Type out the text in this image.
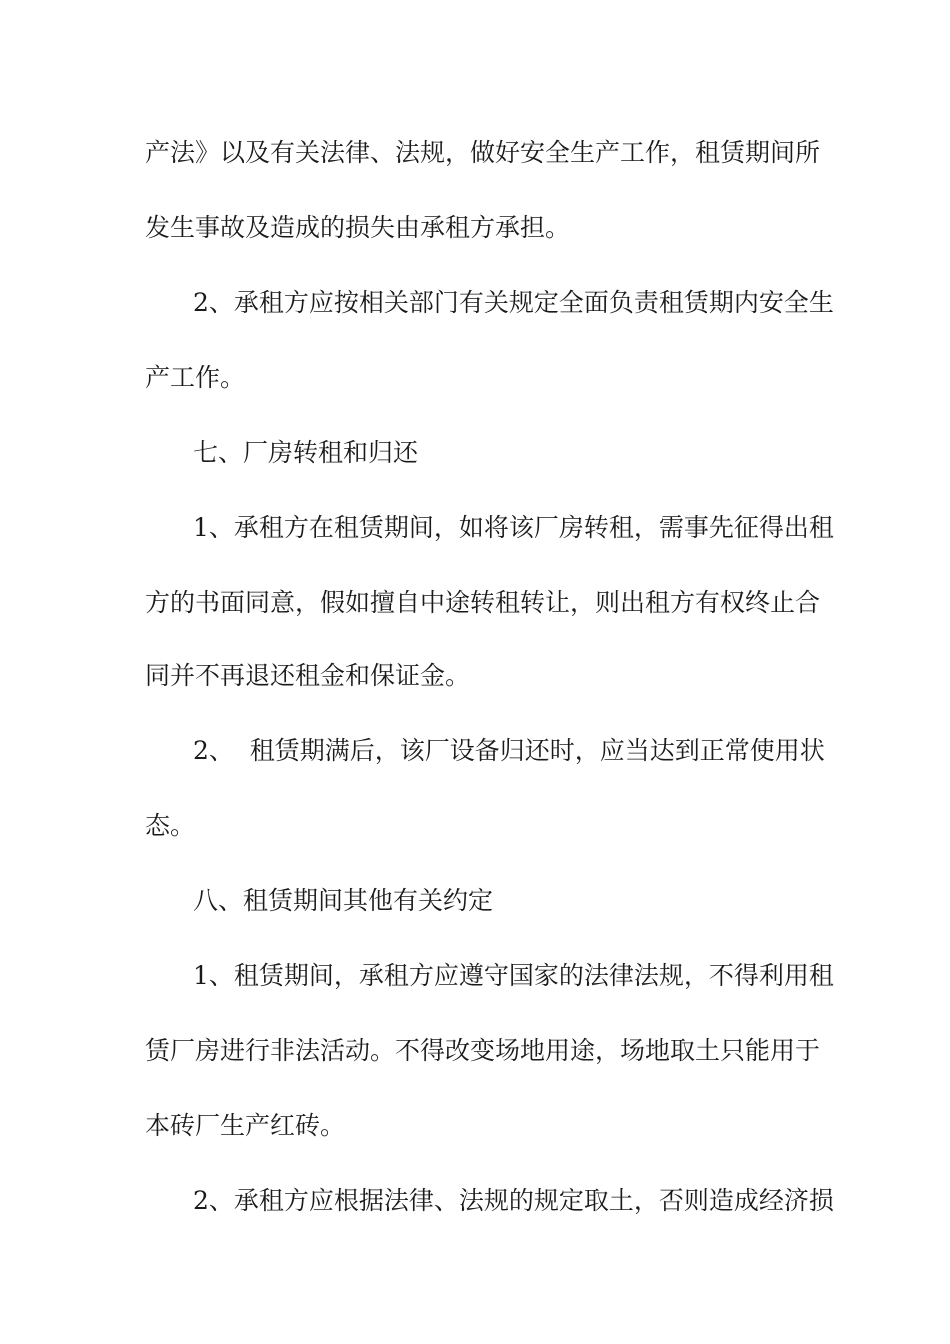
产法》以及有关法律、法规，做好安全生产工作，租赁期间所

发生事故及造成的损失由承租方承担。

2、承租方应按相关部门有关规定全面负责租赁期内安全生

产工作。

七、厂房转租和归还

1、承租方在租赁期间，如将该厂房转租，需事先征得出租

方的书面同意，假如擅自中途转租转让，则出租方有权终止合

同并不再退还租金和保证金。

2、  租赁期满后，该厂设备归还时，应当达到正常使用状

态。

八、租赁期间其他有关约定

1、租赁期间，承租方应遵守国家的法律法规，不得利用租

赁厂房进行非法活动。不得改变场地用途，场地取土只能用于

本砖厂生产红砖。

2、承租方应根据法律、法规的规定取土，否则造成经济损
